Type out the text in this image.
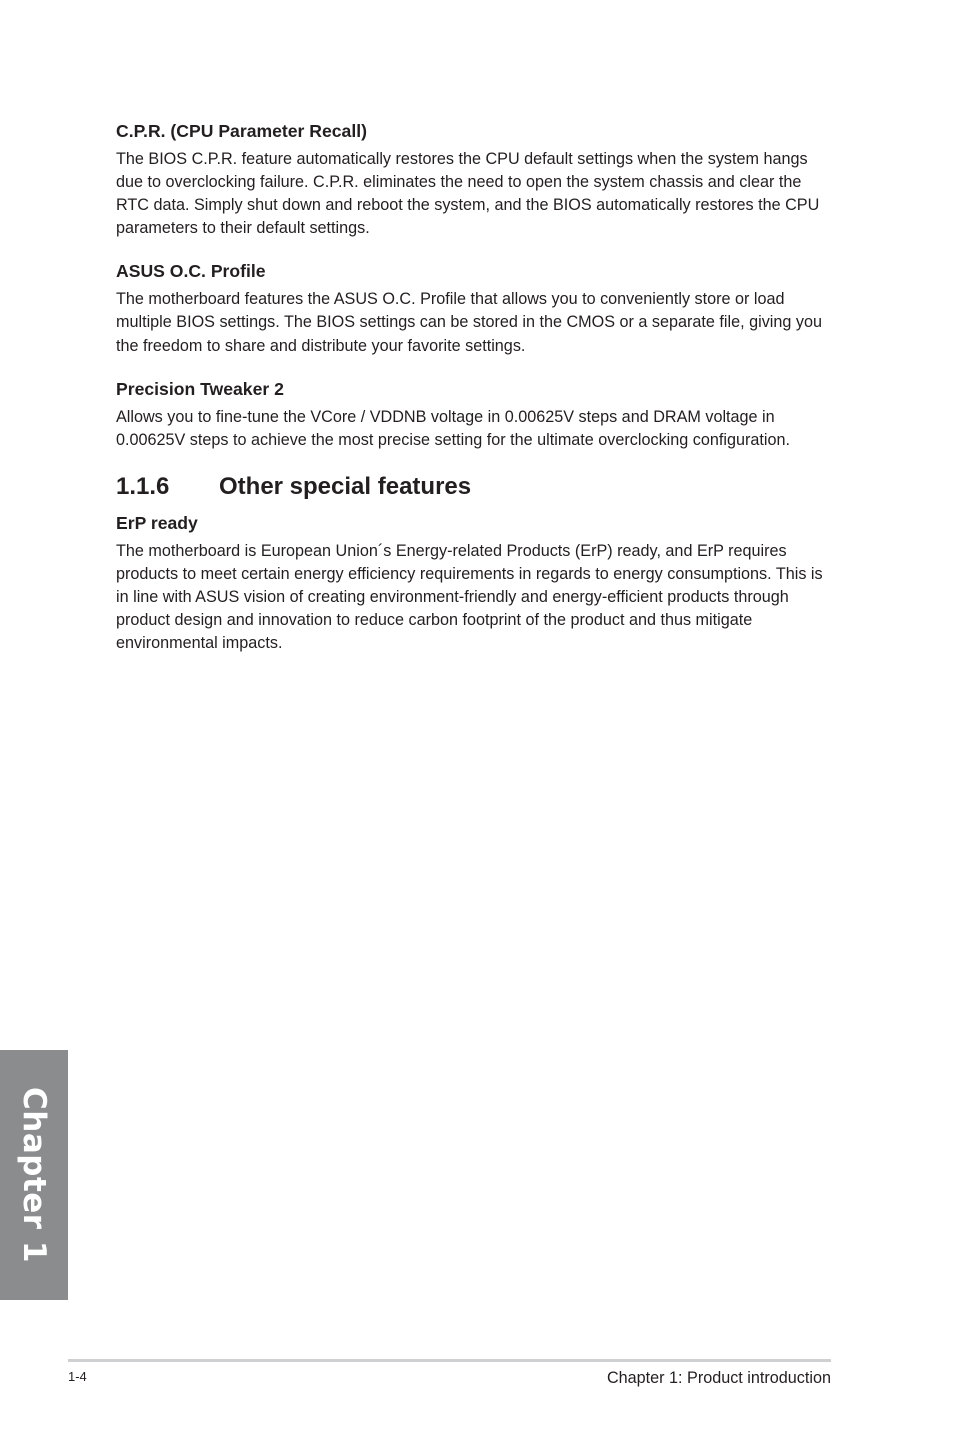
C.P.R. (CPU Parameter Recall)

The BIOS C.P.R. feature automatically restores the CPU default settings when the system hangs due to overclocking failure. C.P.R. eliminates the need to open the system chassis and clear the RTC data. Simply shut down and reboot the system, and the BIOS automatically restores the CPU parameters to their default settings.

ASUS O.C. Profile

The motherboard features the ASUS O.C. Profile that allows you to conveniently store or load multiple BIOS settings. The BIOS settings can be stored in the CMOS or a separate file, giving you the freedom to share and distribute your favorite settings.

Precision Tweaker 2

Allows you to fine-tune the VCore / VDDNB voltage in 0.00625V steps and DRAM voltage in 0.00625V steps to achieve the most precise setting for the ultimate overclocking configuration.

1.1.6	Other special features
ErP ready

The motherboard is European Union´s Energy-related Products (ErP) ready, and ErP requires products to meet certain energy efficiency requirements in regards to energy consumptions. This is in line with ASUS vision of creating environment-friendly and energy-efficient products through product design and innovation to reduce carbon footprint of the product and thus mitigate environmental impacts.

Chapter 1
1-4	Chapter 1: Product introduction
